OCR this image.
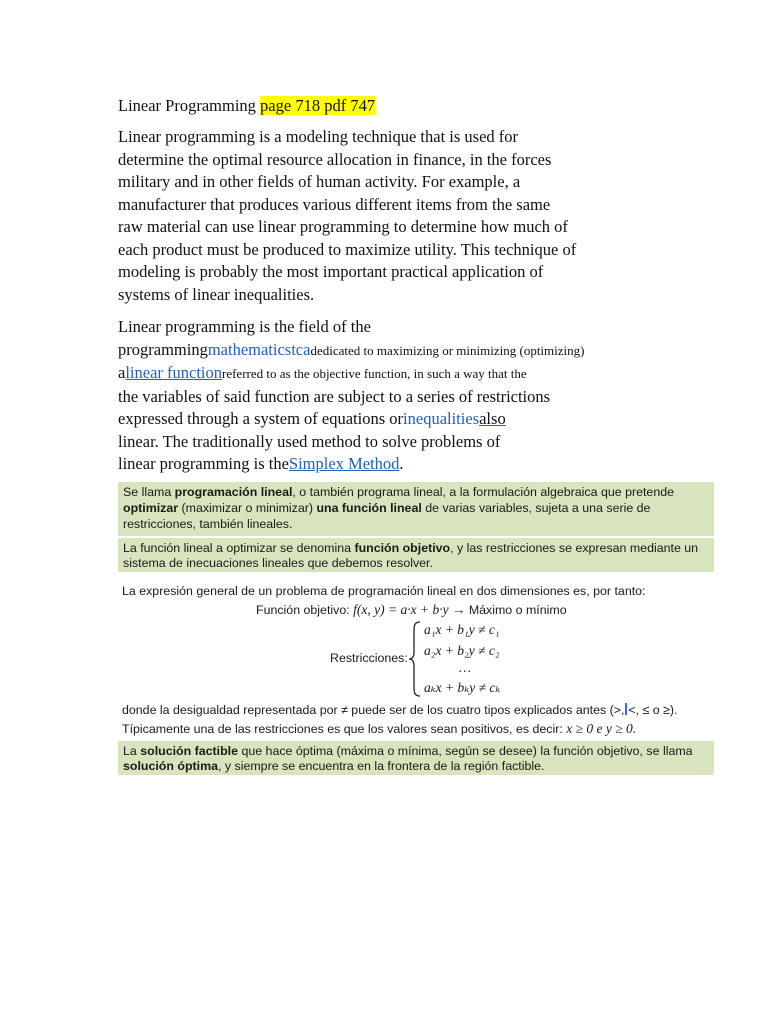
Linear Programming page 718 pdf 747
Linear programming is a modeling technique that is used for
determine the optimal resource allocation in finance, in the forces
military and in other fields of human activity. For example, a
manufacturer that produces various different items from the same
raw material can use linear programming to determine how much of
each product must be produced to maximize utility. This technique of
modeling is probably the most important practical application of
systems of linear inequalities.
Linear programming is the field of the
programmingmathematicstcadedicated to maximizing or minimizing (optimizing)
alinear functionreferred to as the objective function, in such a way that the
the variables of said function are subject to a series of restrictions
expressed through a system of equations orinequalitiesalso
linear. The traditionally used method to solve problems of
linear programming is theSimplex Method.
Se llama programación lineal, o también programa lineal, a la formulación algebraica que pretende
optimizar (maximizar o minimizar) una función lineal de varias variables, sujeta a una serie de
restricciones, también lineales.
La función lineal a optimizar se denomina función objetivo, y las restricciones se expresan mediante un
sistema de inecuaciones lineales que debemos resolver.
La expresión general de un problema de programación lineal en dos dimensiones es, por tanto:
Función objetivo: f(x, y) = a·x + b·y → Máximo o mínimo
Restricciones:
a₁x + b₁y ≠ c₁
a₂x + b₂y ≠ c₂
…
aₖx + bₖy ≠ cₖ
donde la desigualdad representada por ≠ puede ser de los cuatro tipos explicados antes (>, <, ≤ o ≥).
Típicamente una de las restricciones es que los valores sean positivos, es decir: x ≥ 0 e y ≥ 0.
La solución factible que hace óptima (máxima o mínima, según se desee) la función objetivo, se llama
solución óptima, y siempre se encuentra en la frontera de la región factible.
